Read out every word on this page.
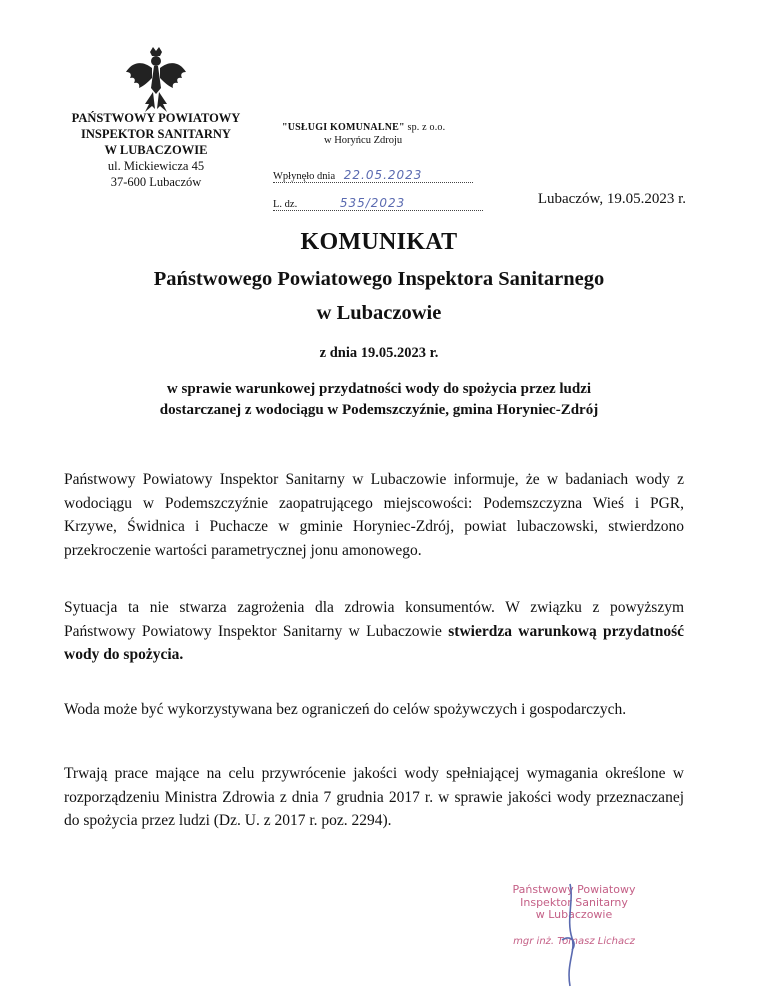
PAŃSTWOWY POWIATOWY
INSPEKTOR SANITARNY
W LUBACZOWIE
ul. Mickiewicza 45
37-600 Lubaczów
"USŁUGI KOMUNALNE" sp. z o.o.
w Horyńcu Zdroju
Wpłynęło dnia 22.05.2023
L. dz.	535/2023	Lubaczów, 19.05.2023 r.
KOMUNIKAT
Państwowego Powiatowego Inspektora Sanitarnego
w Lubaczowie
z dnia 19.05.2023 r.
w sprawie warunkowej przydatności wody do spożycia przez ludzi
dostarczanej z wodociągu w Podemszczyźnie, gmina Horyniec-Zdrój
Państwowy Powiatowy Inspektor Sanitarny w Lubaczowie informuje, że w badaniach wody z wodociągu w Podemszczyźnie zaopatrującego miejscowości: Podemszczyzna Wieś i PGR, Krzywe, Świdnica i Puchacze w gminie Horyniec-Zdrój, powiat lubaczowski, stwierdzono przekroczenie wartości parametrycznej jonu amonowego.
Sytuacja ta nie stwarza zagrożenia dla zdrowia konsumentów. W związku z powyższym Państwowy Powiatowy Inspektor Sanitarny w Lubaczowie stwierdza warunkową przydatność wody do spożycia.
Woda może być wykorzystywana bez ograniczeń do celów spożywczych i gospodarczych.
Trwają prace mające na celu przywrócenie jakości wody spełniającej wymagania określone w rozporządzeniu Ministra Zdrowia z dnia 7 grudnia 2017 r. w sprawie jakości wody przeznaczanej do spożycia przez ludzi (Dz. U. z 2017 r. poz. 2294).
Państwowy Powiatowy
Inspektor Sanitarny
w Lubaczowie
mgr inż. Tomasz Lichacz
